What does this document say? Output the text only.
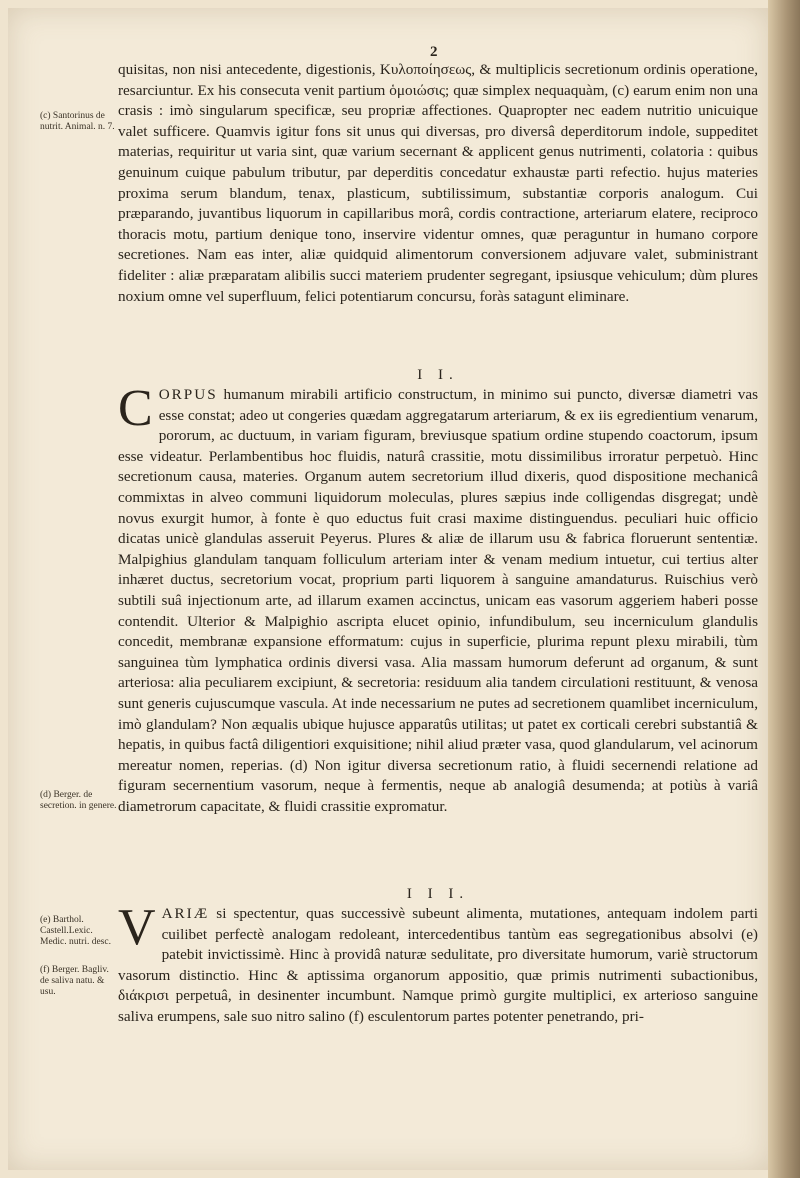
2
(c) Santorinus de nutrit. Animal. n. 7.
(d) Berger. de secretion. in genere.
(e) Barthol. Castell.Lexic. Medic. nutri. desc.
(f) Berger. Bagliv. de saliva natu. & usu.

quisitas, non nisi antecedente, digestionis, Κυλοποίησεως, & multiplicis secretionum ordinis operatione, resarciuntur. Ex his consecuta venit partium ὁμοιώσις; quæ simplex nequaquàm, (c) earum enim non una crasis : imò singularum specificæ, seu propriæ affectiones. Quapropter nec eadem nutritio unicuique valet sufficere. Quamvis igitur fons sit unus qui diversas, pro diversâ deperditorum indole, suppeditet materias, requiritur ut varia sint, quæ varium secernant & applicent genus nutrimenti, colatoria : quibus genuinum cuique pabulum tributur, par deperditis concedatur exhaustæ parti refectio. hujus materies proxima serum blandum, tenax, plasticum, subtilissimum, substantiæ corporis analogum. Cui præparando, juvantibus liquorum in capillaribus morâ, cordis contractione, arteriarum elatere, reciproco thoracis motu, partium denique tono, inservire videntur omnes, quæ peraguntur in humano corpore secretiones. Nam eas inter, aliæ quidquid alimentorum conversionem adjuvare valet, subministrant fideliter : aliæ præparatam alibilis succi materiem prudenter segregant, ipsiusque vehiculum; dùm plures noxium omne vel superfluum, felici potentiarum concursu, foràs satagunt eliminare.

I I.

CORPUS humanum mirabili artificio constructum, in minimo sui puncto, diversæ diametri vas esse constat; adeo ut congeries quædam aggregatarum arteriarum, & ex iis egredientium venarum, pororum, ac ductuum, in variam figuram, breviusque spatium ordine stupendo coactorum, ipsum esse videatur. Perlambentibus hoc fluidis, naturâ crassitie, motu dissimilibus irroratur perpetuò. Hinc secretionum causa, materies. Organum autem secretorium illud dixeris, quod dispositione mechanicâ commixtas in alveo communi liquidorum moleculas, plures sæpius inde colligendas disgregat; undè novus exurgit humor, à fonte è quo eductus fuit crasi maxime distinguendus. peculiari huic officio dicatas unicè glandulas asseruit Peyerus. Plures & aliæ de illarum usu & fabrica floruerunt sententiæ. Malpighius glandulam tanquam folliculum arteriam inter & venam medium intuetur, cui tertius alter inhæret ductus, secretorium vocat, proprium parti liquorem à sanguine amandaturus. Ruischius verò subtili suâ injectionum arte, ad illarum examen accinctus, unicam eas vasorum aggeriem haberi posse contendit. Ulterior & Malpighio ascripta elucet opinio, infundibulum, seu incerniculum glandulis concedit, membranæ expansione efformatum: cujus in superficie, plurima repunt plexu mirabili, tùm sanguinea tùm lymphatica ordinis diversi vasa. Alia massam humorum deferunt ad organum, & sunt arteriosa: alia peculiarem excipiunt, & secretoria: residuum alia tandem circulationi restituunt, & venosa sunt generis cujuscumque vascula. At inde necessarium ne putes ad secretionem quamlibet incerniculum, imò glandulam? Non æqualis ubique hujusce apparatûs utilitas; ut patet ex corticali cerebri substantiâ & hepatis, in quibus factâ diligentiori exquisitione; nihil aliud præter vasa, quod glandularum, vel acinorum mereatur nomen, reperias. (d) Non igitur diversa secretionum ratio, à fluidi secernendi relatione ad figuram secernentium vasorum, neque à fermentis, neque ab analogiâ desumenda; at potiùs à variâ diametrorum capacitate, & fluidi crassitie expromatur.

I I I.

VARIÆ si spectentur, quas successivè subeunt alimenta, mutationes, antequam indolem parti cuilibet perfectè analogam redoleant, intercedentibus tantùm eas segregationibus absolvi (e) patebit invictissimè. Hinc à providâ naturæ sedulitate, pro diversitate humorum, variè structorum vasorum distinctio. Hinc & aptissima organorum appositio, quæ primis nutrimenti subactionibus, διάκρισι perpetuâ, in desinenter incumbunt. Namque primò gurgite multiplici, ex arterioso sanguine saliva erumpens, sale suo nitro salino (f) esculentorum partes potenter penetrando, pri-
